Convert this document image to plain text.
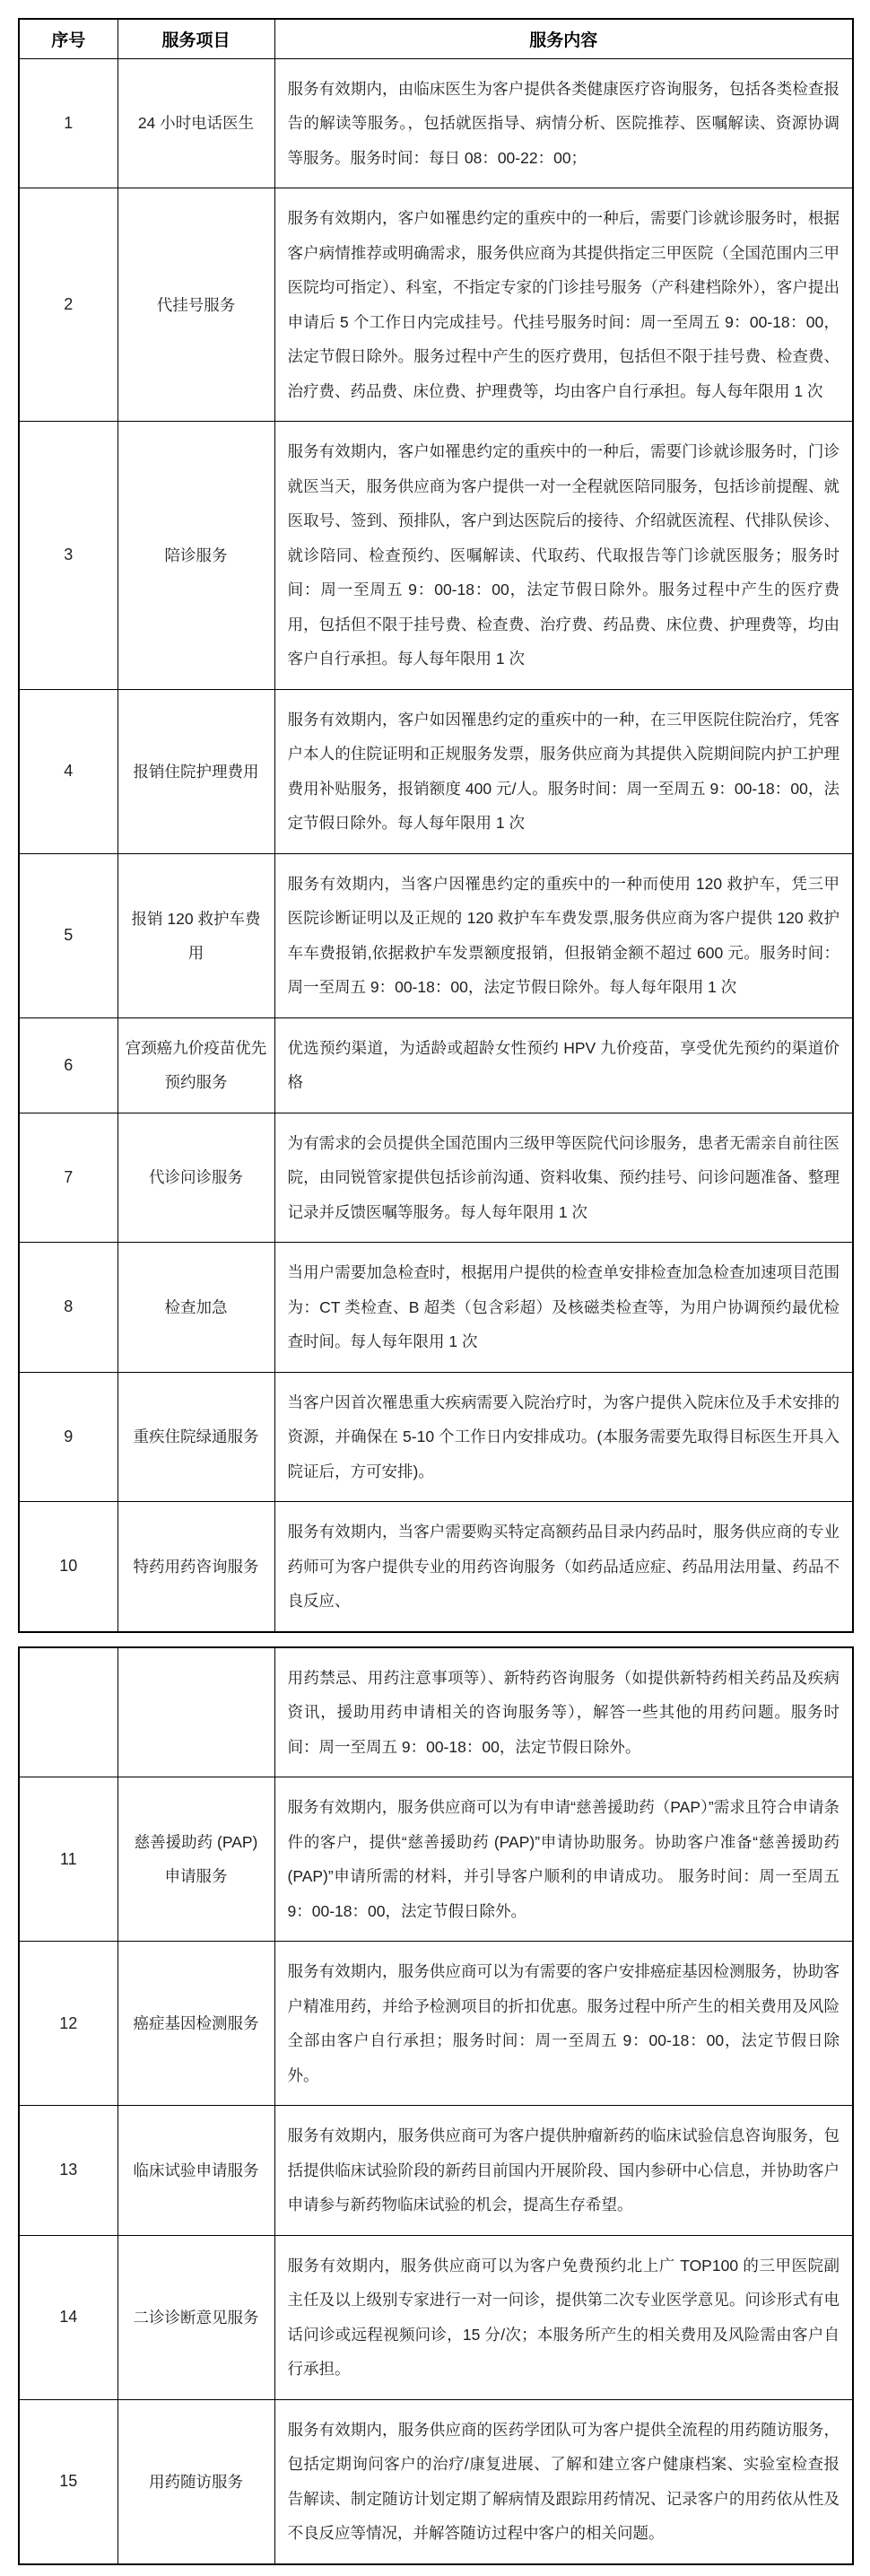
序号	服务项目	服务内容
1	24 小时电话医生	服务有效期内，由临床医生为客户提供各类健康医疗咨询服务，包括各类检查报告的解读等服务。，包括就医指导、病情分析、医院推荐、医嘱解读、资源协调等服务。服务时间：每日 08：00-22：00；
2	代挂号服务	服务有效期内，客户如罹患约定的重疾中的一种后，需要门诊就诊服务时，根据客户病情推荐或明确需求，服务供应商为其提供指定三甲医院（全国范围内三甲医院均可指定）、科室，不指定专家的门诊挂号服务（产科建档除外），客户提出申请后 5 个工作日内完成挂号。代挂号服务时间：周一至周五 9：00-18：00，法定节假日除外。服务过程中产生的医疗费用，包括但不限于挂号费、检查费、治疗费、药品费、床位费、护理费等，均由客户自行承担。每人每年限用 1 次
3	陪诊服务	服务有效期内，客户如罹患约定的重疾中的一种后，需要门诊就诊服务时，门诊就医当天，服务供应商为客户提供一对一全程就医陪同服务，包括诊前提醒、就医取号、签到、预排队，客户到达医院后的接待、介绍就医流程、代排队侯诊、就诊陪同、检查预约、医嘱解读、代取药、代取报告等门诊就医服务；服务时间：周一至周五 9：00-18：00，法定节假日除外。服务过程中产生的医疗费用，包括但不限于挂号费、检查费、治疗费、药品费、床位费、护理费等，均由客户自行承担。每人每年限用 1 次
4	报销住院护理费用	服务有效期内，客户如因罹患约定的重疾中的一种，在三甲医院住院治疗，凭客户本人的住院证明和正规服务发票，服务供应商为其提供入院期间院内护工护理费用补贴服务，报销额度 400 元/人。服务时间：周一至周五 9：00-18：00，法定节假日除外。每人每年限用 1 次
5	报销 120 救护车费用	服务有效期内，当客户因罹患约定的重疾中的一种而使用 120 救护车，凭三甲医院诊断证明以及正规的 120 救护车车费发票,服务供应商为客户提供 120 救护车车费报销,依据救护车发票额度报销，但报销金额不超过 600 元。服务时间：周一至周五 9：00-18：00，法定节假日除外。每人每年限用 1 次
6	宫颈癌九价疫苗优先预约服务	优选预约渠道，为适龄或超龄女性预约 HPV 九价疫苗，享受优先预约的渠道价格
7	代诊问诊服务	为有需求的会员提供全国范围内三级甲等医院代问诊服务，患者无需亲自前往医院，由同锐管家提供包括诊前沟通、资料收集、预约挂号、问诊问题准备、整理记录并反馈医嘱等服务。每人每年限用 1 次
8	检查加急	当用户需要加急检查时，根据用户提供的检查单安排检查加急检查加速项目范围为：CT 类检查、B 超类（包含彩超）及核磁类检查等，为用户协调预约最优检查时间。每人每年限用 1 次
9	重疾住院绿通服务	当客户因首次罹患重大疾病需要入院治疗时，为客户提供入院床位及手术安排的资源，并确保在 5-10 个工作日内安排成功。(本服务需要先取得目标医生开具入院证后，方可安排)。
10	特药用药咨询服务	服务有效期内，当客户需要购买特定高额药品目录内药品时，服务供应商的专业药师可为客户提供专业的用药咨询服务（如药品适应症、药品用法用量、药品不良反应、
		用药禁忌、用药注意事项等）、新特药咨询服务（如提供新特药相关药品及疾病资讯，援助用药申请相关的咨询服务等），解答一些其他的用药问题。服务时间：周一至周五 9：00-18：00，法定节假日除外。
11	慈善援助药 (PAP) 申请服务	服务有效期内，服务供应商可以为有申请“慈善援助药（PAP）”需求且符合申请条件的客户，提供“慈善援助药 (PAP)”申请协助服务。协助客户准备“慈善援助药 (PAP)”申请所需的材料，并引导客户顺利的申请成功。 服务时间：周一至周五 9：00-18：00，法定节假日除外。
12	癌症基因检测服务	服务有效期内，服务供应商可以为有需要的客户安排癌症基因检测服务，协助客户精准用药，并给予检测项目的折扣优惠。服务过程中所产生的相关费用及风险全部由客户自行承担；服务时间：周一至周五 9：00-18：00，法定节假日除外。
13	临床试验申请服务	服务有效期内，服务供应商可为客户提供肿瘤新药的临床试验信息咨询服务，包括提供临床试验阶段的新药目前国内开展阶段、国内参研中心信息，并协助客户申请参与新药物临床试验的机会，提高生存希望。
14	二诊诊断意见服务	服务有效期内，服务供应商可以为客户免费预约北上广 TOP100 的三甲医院副主任及以上级别专家进行一对一问诊，提供第二次专业医学意见。问诊形式有电话问诊或远程视频问诊，15 分/次；本服务所产生的相关费用及风险需由客户自行承担。
15	用药随访服务	服务有效期内，服务供应商的医药学团队可为客户提供全流程的用药随访服务，包括定期询问客户的治疗/康复进展、了解和建立客户健康档案、实验室检查报告解读、制定随访计划定期了解病情及跟踪用药情况、记录客户的用药依从性及不良反应等情况，并解答随访过程中客户的相关问题。
